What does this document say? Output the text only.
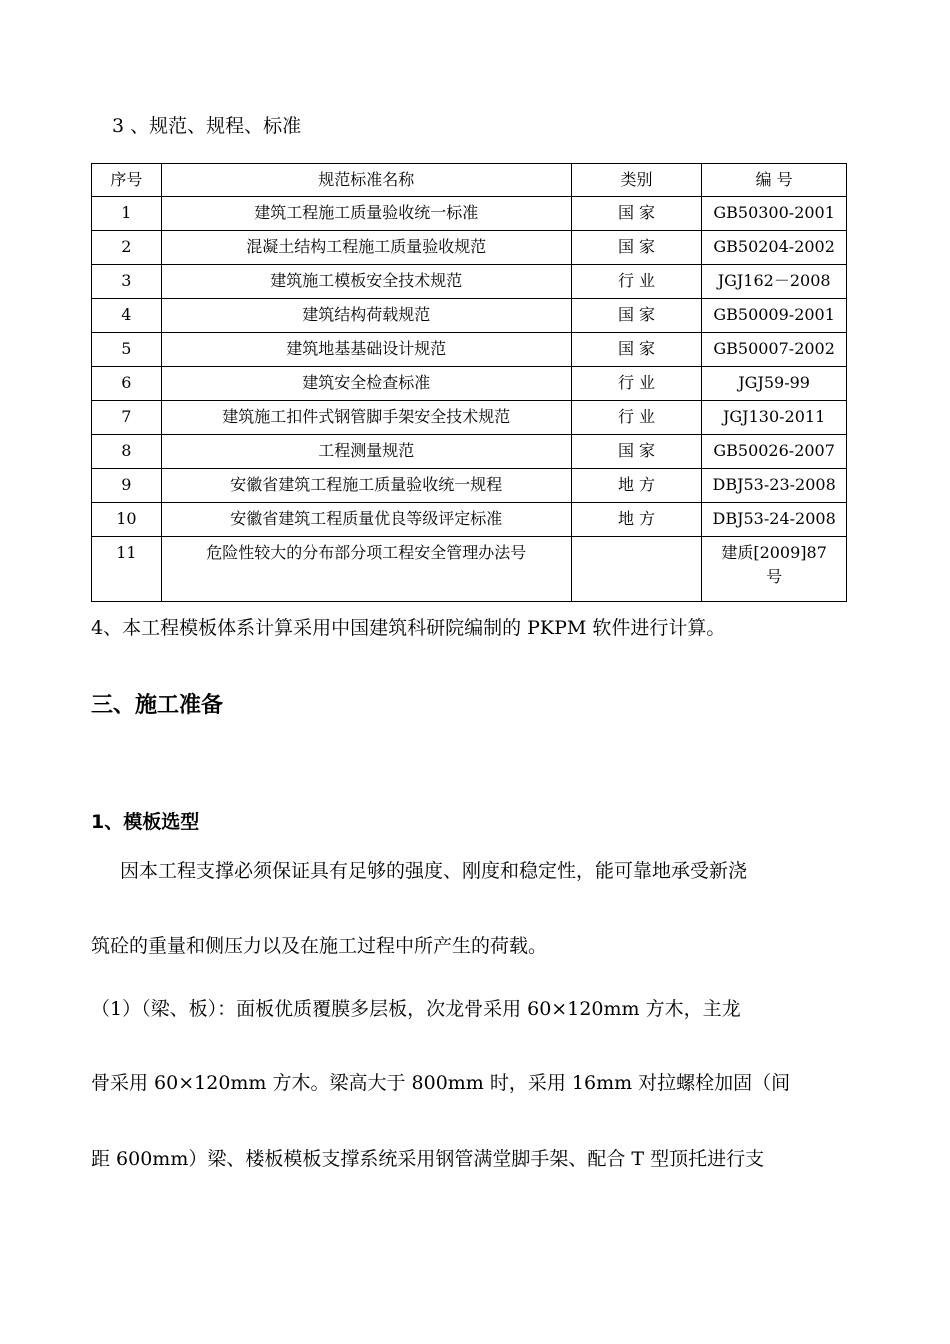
3 、规范、规程、标准
序号	规范标准名称	类别	编 号
1	建筑工程施工质量验收统一标准	国 家	GB50300-2001
2	混凝土结构工程施工质量验收规范	国 家	GB50204-2002
3	建筑施工模板安全技术规范	行 业	JGJ162－2008
4	建筑结构荷载规范	国 家	GB50009-2001
5	建筑地基基础设计规范	国 家	GB50007-2002
6	建筑安全检查标准	行 业	JGJ59-99
7	建筑施工扣件式钢管脚手架安全技术规范	行 业	JGJ130-2011
8	工程测量规范	国 家	GB50026-2007
9	安徽省建筑工程施工质量验收统一规程	地 方	DBJ53-23-2008
10	安徽省建筑工程质量优良等级评定标准	地 方	DBJ53-24-2008
11	危险性较大的分布部分项工程安全管理办法号		建质[2009]87号
4、本工程模板体系计算采用中国建筑科研院编制的 PKPM 软件进行计算。
三、施工准备
1、模板选型
因本工程支撑必须保证具有足够的强度、刚度和稳定性，能可靠地承受新浇
筑砼的重量和侧压力以及在施工过程中所产生的荷载。
（1）（梁、板）：面板优质覆膜多层板，次龙骨采用 60×120mm 方木，主龙
骨采用 60×120mm 方木。梁高大于 800mm 时，采用 16mm 对拉螺栓加固（间
距 600mm）梁、楼板模板支撑系统采用钢管满堂脚手架、配合 T 型顶托进行支
